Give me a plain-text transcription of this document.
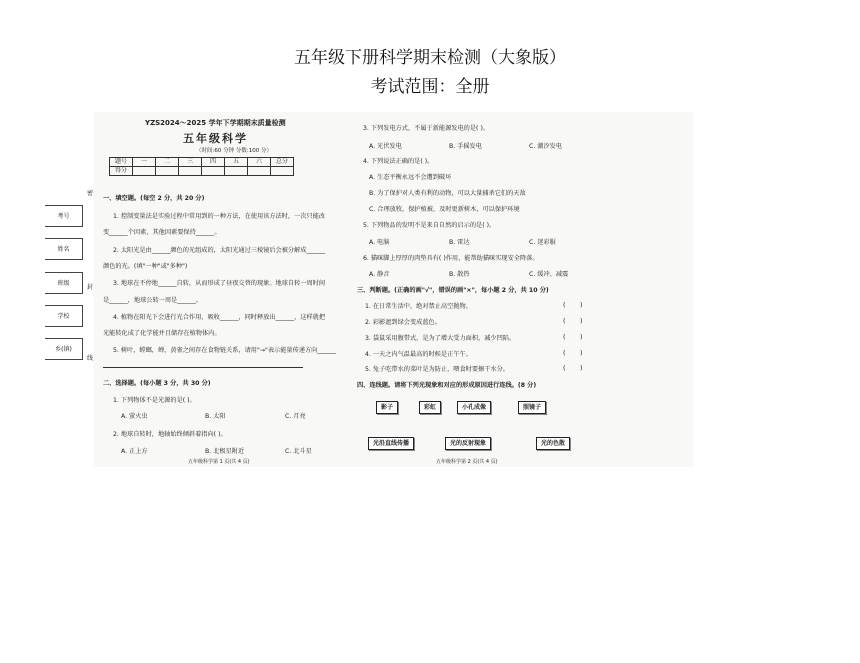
五年级下册科学期末检测（大象版）
考试范围：全册
考号
姓名
班级
学校
乡(镇)
密
封
线
YZS2024～2025 学年下学期期末质量检测
五年级科学
（时间:60 分钟 分数:100 分）
题号	一	二	三	四	五	六	总分
得分							
一、填空题。(每空 2 分，共 20 分)
1. 控制变量法是实验过程中常用到的一种方法，在使用该方法时，一次只能改
变______个因素，其他因素要保持______。
2. 太阳光是由______颜色的光组成的，太阳光通过三棱镜后会被分解成______
颜色的光。(填"一种"或"多种")
3. 地球在不停地______自转，从而形成了昼夜交替的现象。地球自转一周时间
是______，地球公转一周是______。
4. 植物在阳光下会进行光合作用，吸收______，同时释放出______，这样就把
光能转化成了化学能并且储存在植物体内。
5. 树叶，螳螂，蝉，黄雀之间存在食物链关系，请用"→"表示能量传递方向______
二、选择题。(每小题 3 分，共 30 分)
1. 下列物体不是光源的是( )。
A. 萤火虫	B. 太阳	C. 月亮
2. 地球自转时，地轴始终倾斜着指向( )。
A. 正上方	B. 北极星附近	C. 北斗星
五年级科学第 1 页(共 4 页)
3. 下列发电方式，不属于新能源发电的是( )。
A. 光伏发电	B. 手摇发电	C. 潮汐发电
4. 下列说法正确的是( )。
A. 生态平衡永远不会遭到破坏
B. 为了保护对人类有利的动物，可以大量捕杀它们的天敌
C. 合理放牧，保护植被，及时更新树木，可以保护环境
5. 下列物品的发明不是来自自然的启示的是( )。
A. 电脑	B. 雷达	C. 迷彩服
6. 猫咪脚上厚厚的肉垫具有( )作用，能帮助猫咪实现安全降落。
A. 静音	B. 散热	C. 缓冲、减震
三、判断题。(正确的画"√"，错误的画"×"，每小题 2 分，共 10 分)
1. 在日常生活中，绝对禁止高空抛物。
2. 彩影遮到绿会变成蓝色。
3. 袋鼠采用腹带式，是为了增大受力面积，减少凹陷。
4. 一天之内气温最高的时候是正午午。
5. 兔子吃带水的菜叶是为防止，喂食时要擦干水分。
(       )
(       )
(       )
(       )
(       )
四、连线题。请将下列光现象和对应的形成原因进行连线。(8 分)
影子	彩虹	小孔成像	照镜子
光沿直线传播	光的反射现象	光的色散
五年级科学第 2 页(共 4 页)
